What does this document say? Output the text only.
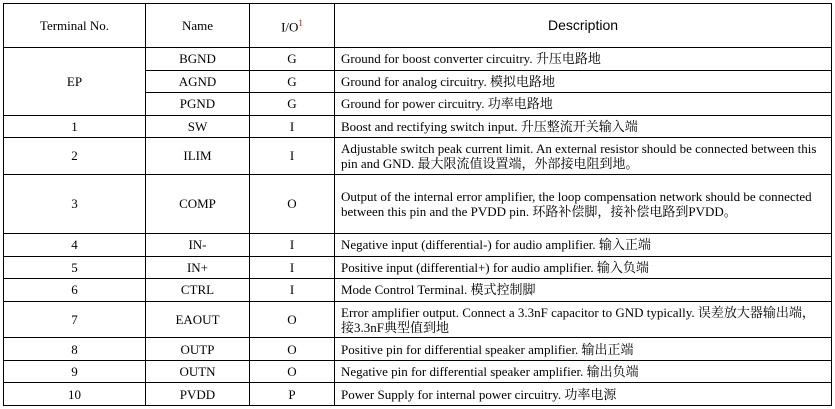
Terminal No.	Name	$I/O^1$	Description
EP	BGND	G	Ground for boost converter circuitry. 升压电路地
	AGND	G	Ground for analog circuitry. 模拟电路地
	PGND	G	Ground for power circuitry. 功率电路地
1	SW	I	Boost and rectifying switch input. 升压整流开关输入端
2	ILIM	I	Adjustable switch peak current limit. An external resistor should be connected between this pin and GND. 最大限流值设置端，外部接电阻到地。
3	COMP	O	Output of the internal error amplifier, the loop compensation network should be connected between this pin and the PVDD pin. 环路补偿脚，接补偿电路到PVDD。
4	IN-	I	Negative input (differential-) for audio amplifier. 输入正端
5	IN+	I	Positive input (differential+) for audio amplifier. 输入负端
6	CTRL	I	Mode Control Terminal. 模式控制脚
7	EAOUT	O	Error amplifier output. Connect a 3.3nF capacitor to GND typically. 误差放大器输出端，接3.3nF典型值到地
8	OUTP	O	Positive pin for differential speaker amplifier. 输出正端
9	OUTN	O	Negative pin for differential speaker amplifier. 输出负端
10	PVDD	P	Power Supply for internal power circuitry. 功率电源
